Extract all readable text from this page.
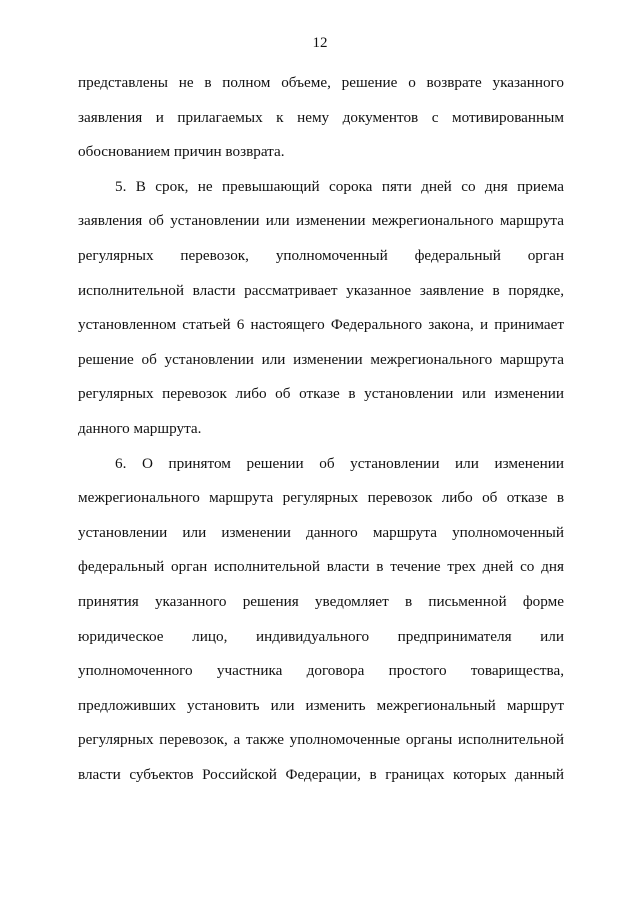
12
представлены не в полном объеме, решение о возврате указанного
заявления и прилагаемых к нему документов с мотивированным
обоснованием причин возврата.
5. В срок, не превышающий сорока пяти дней со дня приема
заявления об установлении или изменении межрегионального маршрута
регулярных перевозок, уполномоченный федеральный орган
исполнительной власти рассматривает указанное заявление в порядке,
установленном статьей 6 настоящего Федерального закона, и принимает
решение об установлении или изменении межрегионального маршрута
регулярных перевозок либо об отказе в установлении или изменении
данного маршрута.
6. О принятом решении об установлении или изменении
межрегионального маршрута регулярных перевозок либо об отказе в
установлении или изменении данного маршрута уполномоченный
федеральный орган исполнительной власти в течение трех дней со дня
принятия указанного решения уведомляет в письменной форме
юридическое лицо, индивидуального предпринимателя или
уполномоченного участника договора простого товарищества,
предложивших установить или изменить межрегиональный маршрут
регулярных перевозок, а также уполномоченные органы исполнительной
власти субъектов Российской Федерации, в границах которых данный
